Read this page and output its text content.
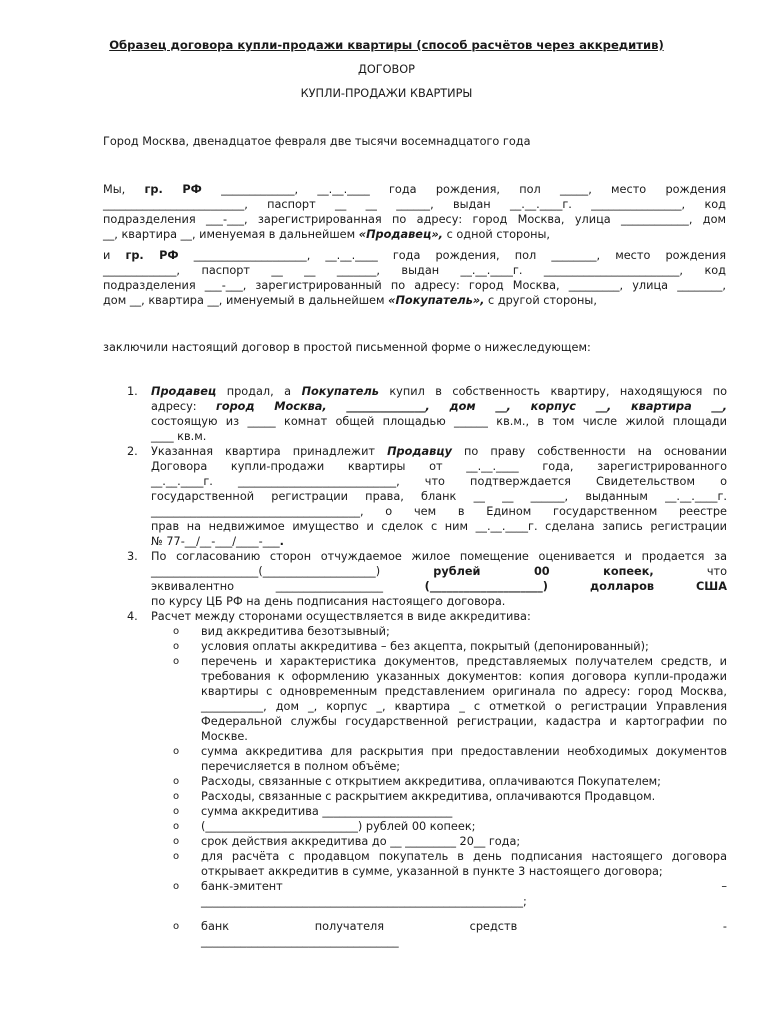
Образец договора купли-продажи квартиры (способ расчётов через аккредитив)

ДОГОВОР

КУПЛИ-ПРОДАЖИ КВАРТИРЫ

Город Москва, двенадцатое февраля две тысячи восемнадцатого года

Мы, гр. РФ _____________, __.__.____ года рождения, пол _____, место рождения
_________________________, паспорт __ __ ______, выдан __.__.____г. ________________, код
подразделения ___-___, зарегистрированная по адресу: город Москва, улица ____________, дом
__, квартира __, именуемая в дальнейшем «Продавец», с одной стороны,
и гр. РФ ____________________, __.__.____ года рождения, пол ________, место рождения
_____________, паспорт __ __ _______, выдан __.__.____г. ________________________, код
подразделения ___-___, зарегистрированный по адресу: город Москва, _________, улица ________,
дом __, квартира __, именуемый в дальнейшем «Покупатель», с другой стороны,

заключили настоящий договор в простой письменной форме о нижеследующем:

1. Продавец продал, а Покупатель купил в собственность квартиру, находящуюся по
адресу: город Москва, ______________, дом __, корпус __, квартира __,
состоящую из _____ комнат общей площадью ______ кв.м., в том числе жилой площади
____ кв.м.
2. Указанная квартира принадлежит Продавцу по праву собственности на основании
Договора купли-продажи квартиры от __.__.____ года, зарегистрированного
__.__.____г. ____________________________, что подтверждается Свидетельством о
государственной регистрации права, бланк __ __ ______, выданным __.__.____г.
_____________________________________, о чем в Едином государственном реестре
прав на недвижимое имущество и сделок с ним __.__.____г. сделана запись регистрации
№ 77-__/__-___/____-___.
3. По согласованию сторон отчуждаемое жилое помещение оценивается и продается за
___________________(____________________)	рублей 00 копеек,	что
эквивалентно ___________________	(____________________) долларов США
по курсу ЦБ РФ на день подписания настоящего договора.
4. Расчет между сторонами осуществляется в виде аккредитива:
o	вид аккредитива безотзывный;
o	условия оплаты аккредитива – без акцепта, покрытый (депонированный);
o	перечень и характеристика документов, представляемых получателем средств, и
требования к оформлению указанных документов: копия договора купли-продажи
квартиры с одновременным представлением оригинала по адресу: город Москва,
___________, дом _, корпус _, квартира _ с отметкой о регистрации Управления
Федеральной службы государственной регистрации, кадастра и картографии по
Москве.
o	сумма аккредитива для раскрытия при предоставлении необходимых документов
перечисляется в полном объёме;
o	Расходы, связанные с открытием аккредитива, оплачиваются Покупателем;
o	Расходы, связанные с раскрытием аккредитива, оплачиваются Продавцом.
o	сумма аккредитива _______________________
o	(___________________________) рублей 00 копеек;
o	срок действия аккредитива до __ _________ 20__ года;
o	для расчёта с продавцом покупатель в день подписания настоящего договора
открывает аккредитив в сумме, указанной в пункте 3 настоящего договора;
o банк-эмитент	–
_________________________________________________________;
o банк получателя средств	-
___________________________________
